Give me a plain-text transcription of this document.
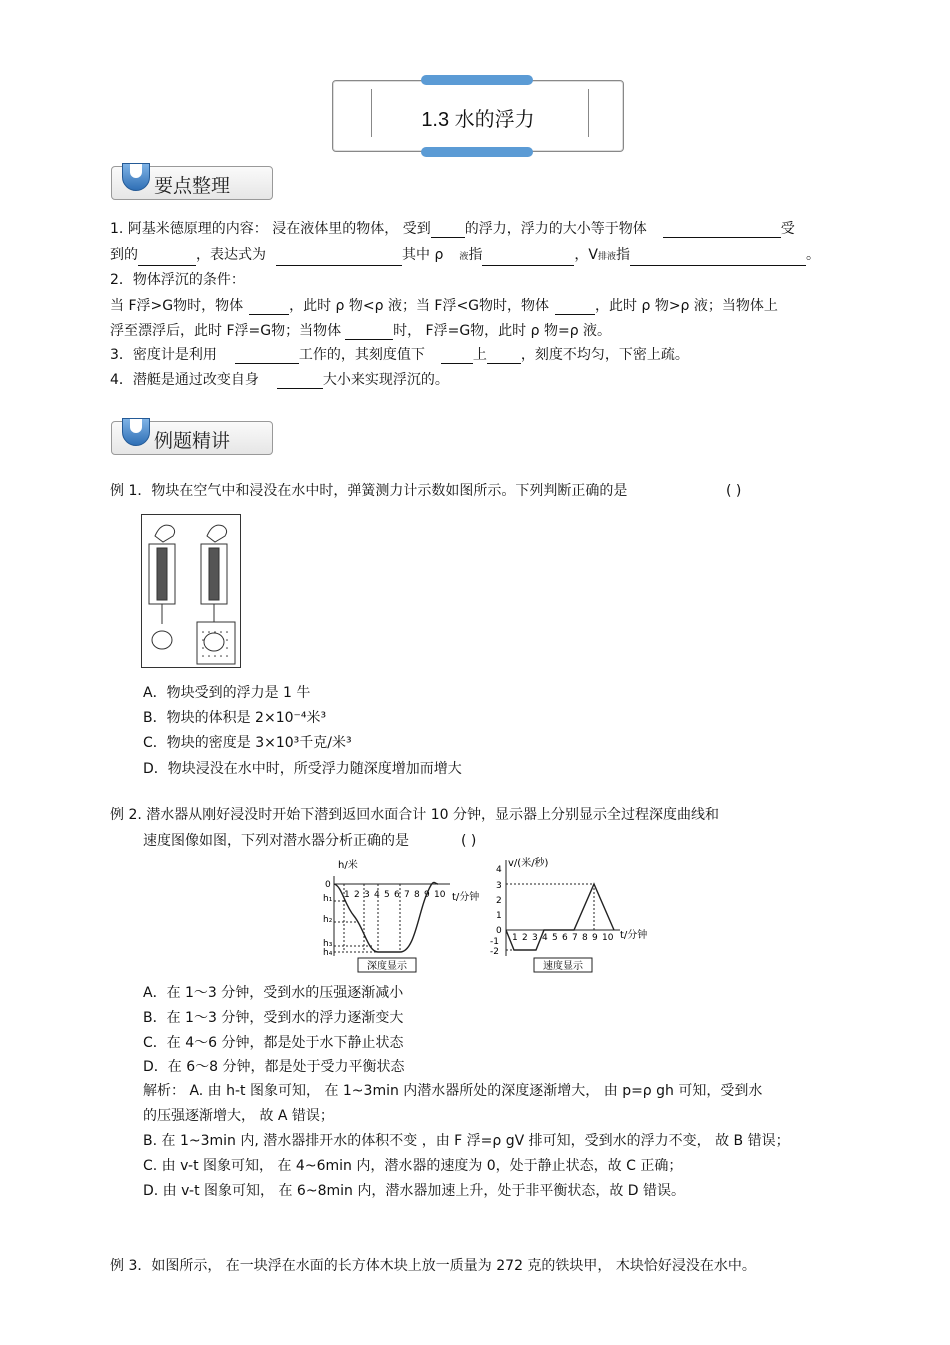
1.3 水的浮力
要点整理
1. 阿基米德原理的内容： 浸在液体里的物体， 受到 的浮力，浮力的大小等于物体	受
到的	，表达式为	其中 ρ 液指	，V排液指	。
2．物体浮沉的条件：
当 F浮>G物时，物体	，此时 ρ 物<ρ 液；当 F浮<G物时，物体	，此时 ρ 物>ρ 液；当物体上
浮至漂浮后，此时 F浮=G物；当物体	时， F浮=G物，此时 ρ 物=ρ 液。
3．密度计是利用	工作的，其刻度值下	上 ，刻度不均匀，下密上疏。
4．潜艇是通过改变自身	大小来实现浮沉的。
例题精讲
例 1．物块在空气中和浸没在水中时，弹簧测力计示数如图所示。下列判断正确的是	( )
A．物块受到的浮力是 1 牛
B．物块的体积是 2×10⁻⁴米³
C．物块的密度是 3×10³千克/米³
D．物块浸没在水中时，所受浮力随深度增加而增大
例 2. 潜水器从刚好浸没时开始下潜到返回水面合计 10 分钟，显示器上分别显示全过程深度曲线和
速度图像如图，下列对潜水器分析正确的是	( )
h/米
0
h₁
h₂
h₃
h₄
1 2 3 4 5 6 7 8 9 10 t/分钟
深度显示
v/(米/秒)
4
3
2
1
0
-1
-2
1 2 3 4 5 6 7 8 9 10 t/分钟
速度显示
A．在 1～3 分钟，受到水的压强逐渐减小
B．在 1～3 分钟，受到水的浮力逐渐变大
C．在 4～6 分钟，都是处于水下静止状态
D．在 6～8 分钟，都是处于受力平衡状态
解析： A. 由 h-t 图象可知， 在 1~3min 内潜水器所处的深度逐渐增大， 由 p=ρ gh 可知，受到水
的压强逐渐增大， 故 A 错误；
B. 在 1~3min 内, 潜水器排开水的体积不变 ，由 F 浮=ρ gV 排可知，受到水的浮力不变， 故 B 错误；
C. 由 v-t 图象可知， 在 4~6min 内，潜水器的速度为 0，处于静止状态，故 C 正确；
D. 由 v-t 图象可知， 在 6~8min 内，潜水器加速上升，处于非平衡状态，故 D 错误。
例 3．如图所示， 在一块浮在水面的长方体木块上放一质量为 272 克的铁块甲， 木块恰好浸没在水中。
